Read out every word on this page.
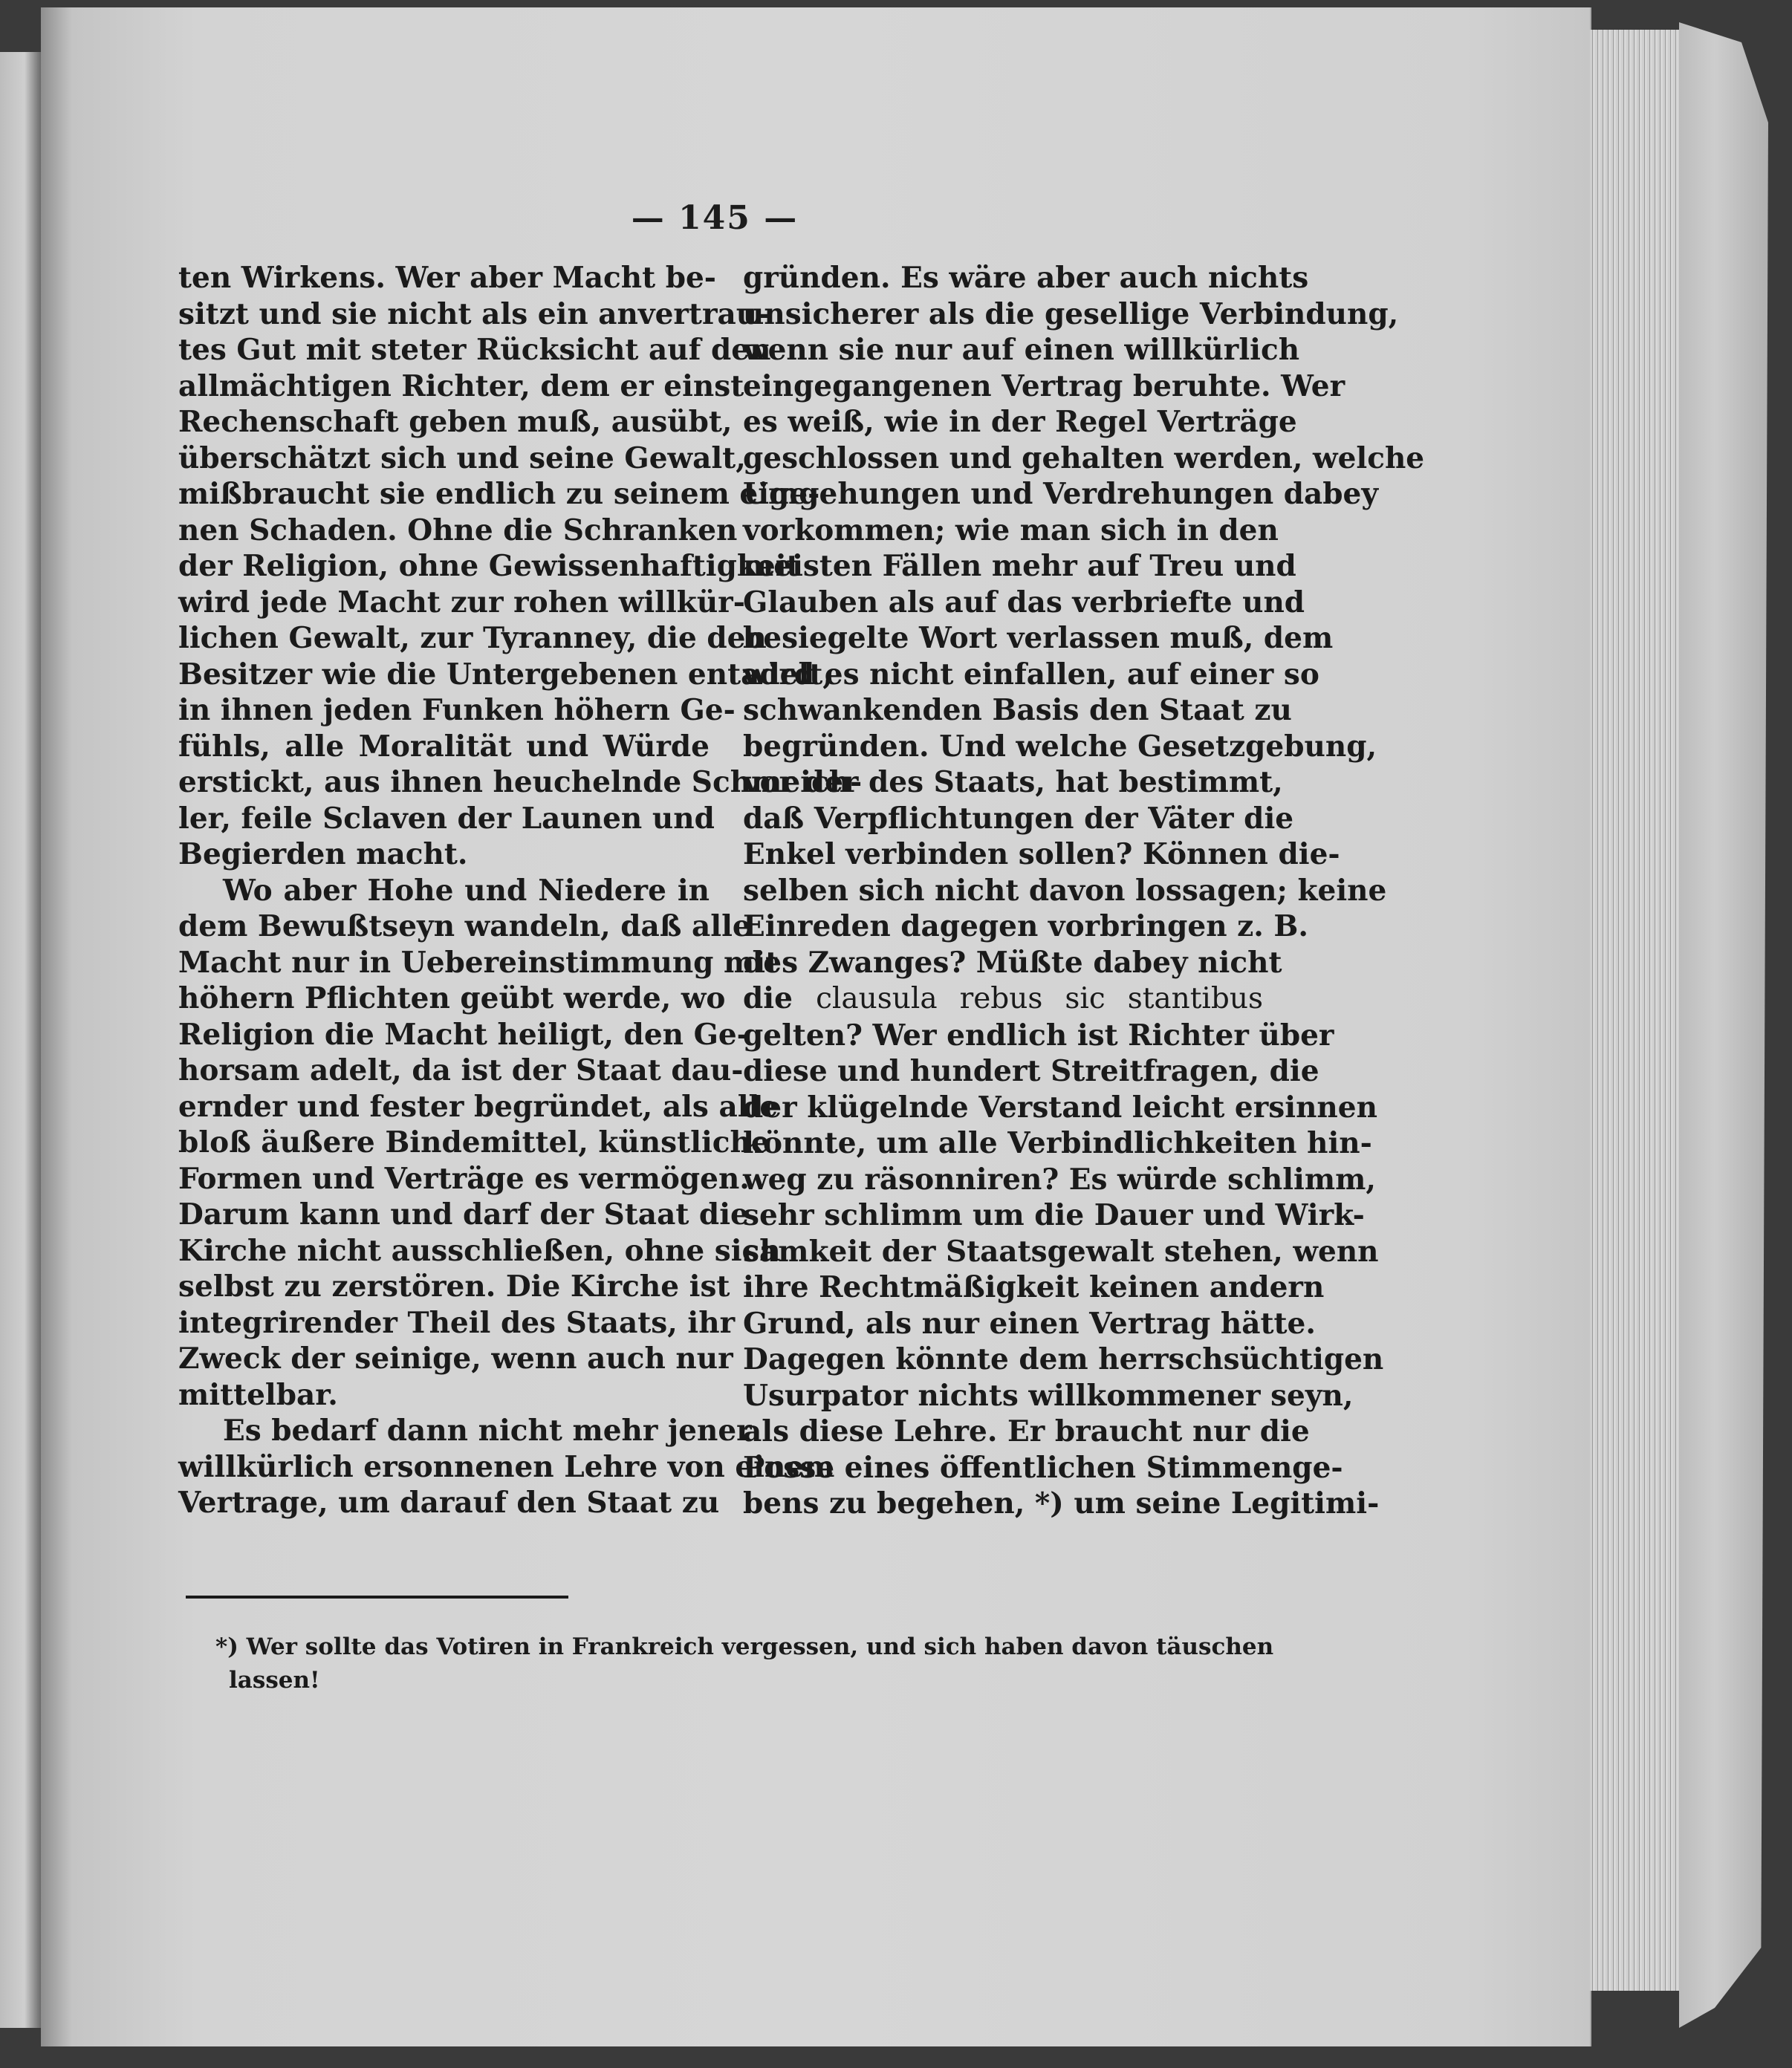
— 145 —
ten Wirkens. Wer aber Macht be-
sitzt und sie nicht als ein anvertrau-
tes Gut mit steter Rücksicht auf den
allmächtigen Richter, dem er einst
Rechenschaft geben muß, ausübt,
überschätzt sich und seine Gewalt,
mißbraucht sie endlich zu seinem eige-
nen Schaden. Ohne die Schranken
der Religion, ohne Gewissenhaftigkeit
wird jede Macht zur rohen willkür-
lichen Gewalt, zur Tyranney, die den
Besitzer wie die Untergebenen entadelt,
in ihnen jeden Funken höhern Ge-
fühls, alle Moralität und Würde
erstickt, aus ihnen heuchelnde Schmeich-
ler, feile Sclaven der Launen und
Begierden macht.
Wo aber Hohe und Niedere in
dem Bewußtseyn wandeln, daß alle
Macht nur in Uebereinstimmung mit
höhern Pflichten geübt werde, wo
Religion die Macht heiligt, den Ge-
horsam adelt, da ist der Staat dau-
ernder und fester begründet, als alle
bloß äußere Bindemittel, künstliche
Formen und Verträge es vermögen.
Darum kann und darf der Staat die
Kirche nicht ausschließen, ohne sich
selbst zu zerstören. Die Kirche ist
integrirender Theil des Staats, ihr
Zweck der seinige, wenn auch nur
mittelbar.
Es bedarf dann nicht mehr jener
willkürlich ersonnenen Lehre von einem
Vertrage, um darauf den Staat zu
gründen. Es wäre aber auch nichts
unsicherer als die gesellige Verbindung,
wenn sie nur auf einen willkürlich
eingegangenen Vertrag beruhte. Wer
es weiß, wie in der Regel Verträge
geschlossen und gehalten werden, welche
Umgehungen und Verdrehungen dabey
vorkommen; wie man sich in den
meisten Fällen mehr auf Treu und
Glauben als auf das verbriefte und
besiegelte Wort verlassen muß, dem
wird es nicht einfallen, auf einer so
schwankenden Basis den Staat zu
begründen. Und welche Gesetzgebung,
vor der des Staats, hat bestimmt,
daß Verpflichtungen der Väter die
Enkel verbinden sollen? Können die-
selben sich nicht davon lossagen; keine
Einreden dagegen vorbringen z. B.
des Zwanges? Müßte dabey nicht
die clausula rebus sic stantibus
gelten? Wer endlich ist Richter über
diese und hundert Streitfragen, die
der klügelnde Verstand leicht ersinnen
könnte, um alle Verbindlichkeiten hin-
weg zu räsonniren? Es würde schlimm,
sehr schlimm um die Dauer und Wirk-
samkeit der Staatsgewalt stehen, wenn
ihre Rechtmäßigkeit keinen andern
Grund, als nur einen Vertrag hätte.
Dagegen könnte dem herrschsüchtigen
Usurpator nichts willkommener seyn,
als diese Lehre. Er braucht nur die
Posse eines öffentlichen Stimmenge-
bens zu begehen, *) um seine Legitimi-
*) Wer sollte das Votiren in Frankreich vergessen, und sich haben davon täuschen
lassen!
